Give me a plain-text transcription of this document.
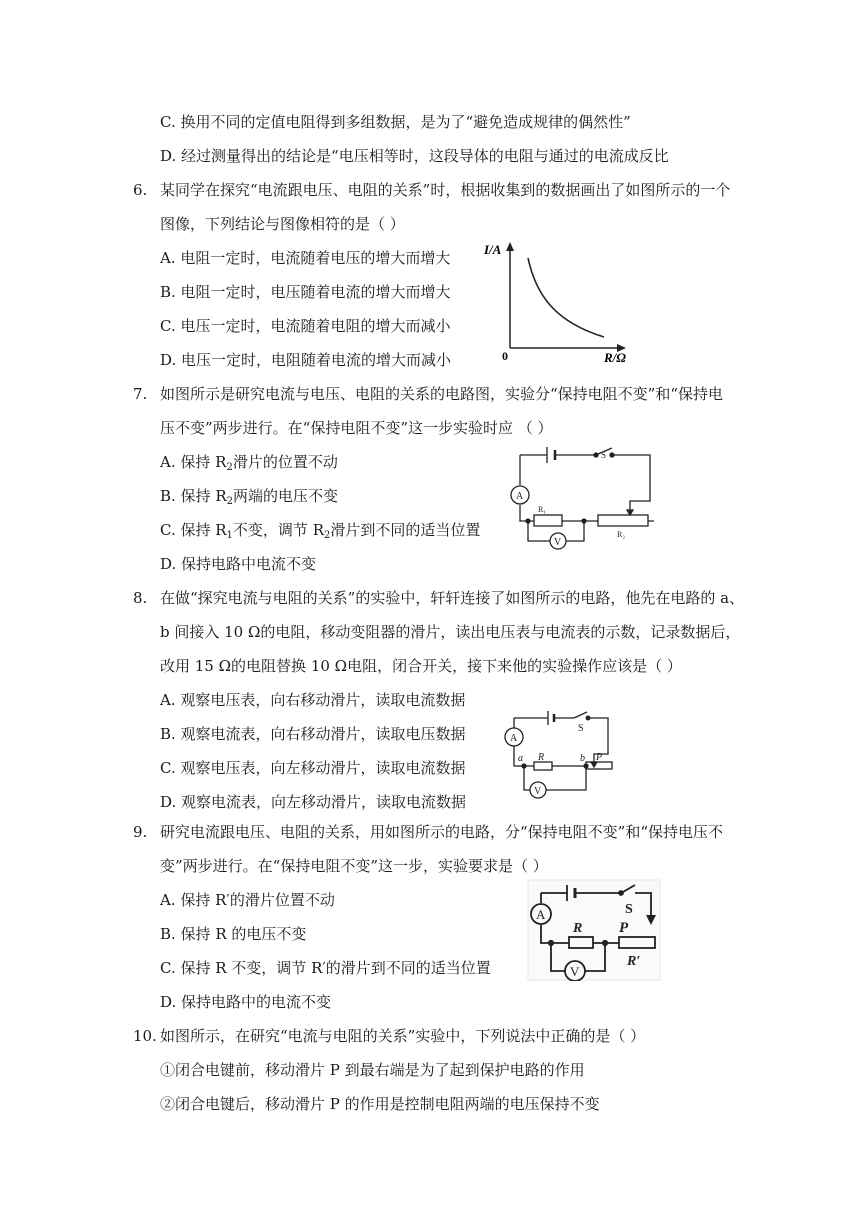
C. 换用不同的定值电阻得到多组数据，是为了“避免造成规律的偶然性”
D. 经过测量得出的结论是“电压相等时，这段导体的电阻与通过的电流成反比
6. 某同学在探究“电流跟电压、电阻的关系”时，根据收集到的数据画出了如图所示的一个
图像，下列结论与图像相符的是（ ）
A. 电阻一定时，电流随着电压的增大而增大
B. 电阻一定时，电压随着电流的增大而增大
C. 电压一定时，电流随着电阻的增大而减小
D. 电压一定时，电阻随着电流的增大而减小
I/A
0	R/Ω
7. 如图所示是研究电流与电压、电阻的关系的电路图，实验分“保持电阻不变”和“保持电
压不变”两步进行。在“保持电阻不变”这一步实验时应 （ ）
A. 保持 $R_2$滑片的位置不动
B. 保持 $R_2$两端的电压不变
C. 保持 $R_1$不变，调节 $R_2$滑片到不同的适当位置
D. 保持电路中电流不变
S
A
R₁
R₂
V
8. 在做“探究电流与电阻的关系”的实验中，轩轩连接了如图所示的电路，他先在电路的 a、
b 间接入 10 Ω的电阻，移动变阻器的滑片，读出电压表与电流表的示数，记录数据后，
改用 15 Ω的电阻替换 10 Ω电阻，闭合开关，接下来他的实验操作应该是（ ）
A. 观察电压表，向右移动滑片，读取电流数据
B. 观察电流表，向右移动滑片，读取电压数据
C. 观察电压表，向左移动滑片，读取电流数据
D. 观察电流表，向左移动滑片，读取电流数据
S
A
a R	b P
V
9. 研究电流跟电压、电阻的关系，用如图所示的电路，分“保持电阻不变”和“保持电压不
变”两步进行。在“保持电阻不变”这一步，实验要求是（ ）
A. 保持 R′的滑片位置不动
B. 保持 R 的电压不变
C. 保持 R 不变，调节 R′的滑片到不同的适当位置
D. 保持电路中的电流不变
S
A
R P
R′
V
10. 如图所示，在研究“电流与电阻的关系”实验中，下列说法中正确的是（ ）
①闭合电键前，移动滑片 P 到最右端是为了起到保护电路的作用
②闭合电键后，移动滑片 P 的作用是控制电阻两端的电压保持不变
